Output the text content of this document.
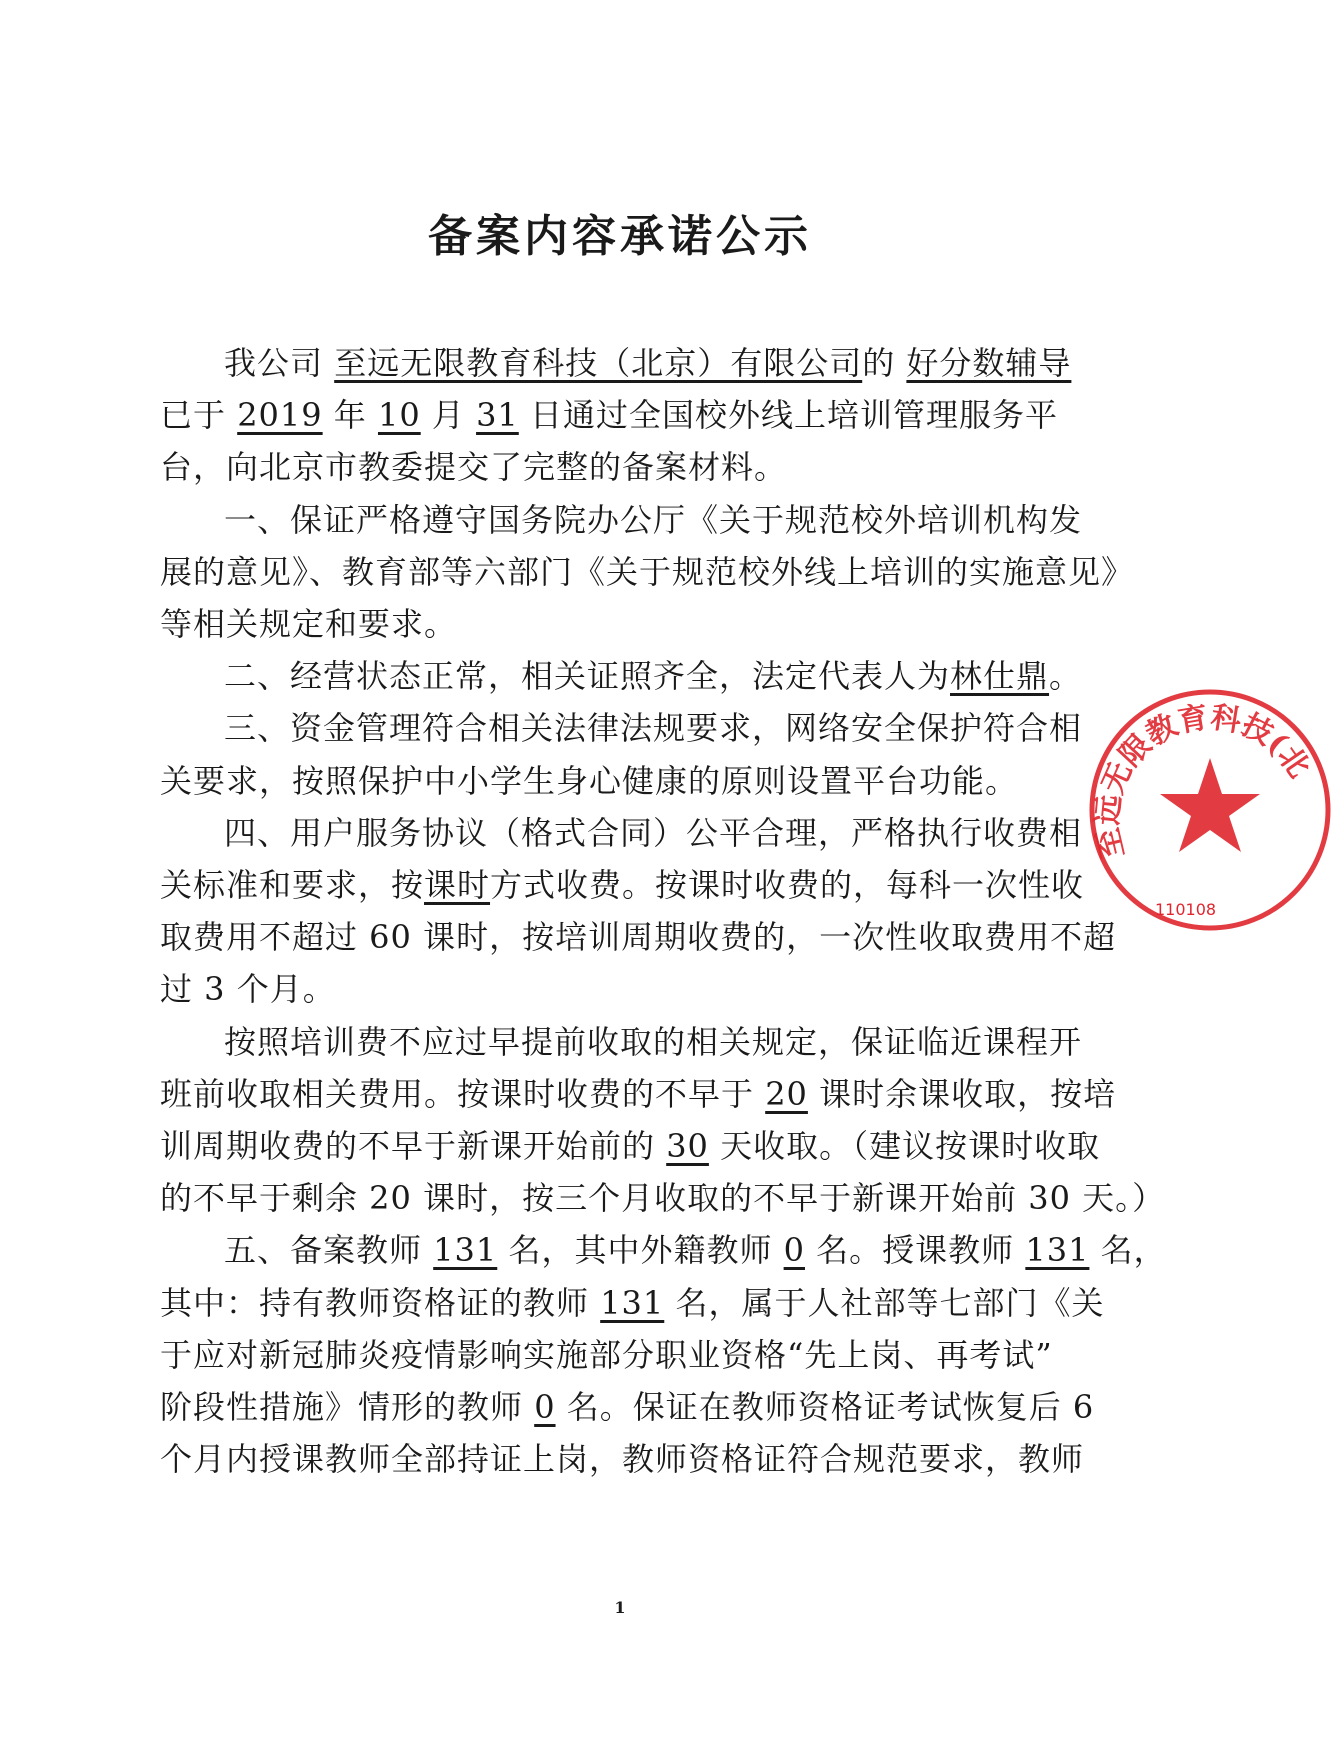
备案内容承诺公示
我公司 至远无限教育科技（北京）有限公司的 好分数辅导
已于 2019 年 10 月 31 日通过全国校外线上培训管理服务平
台，向北京市教委提交了完整的备案材料。
一、保证严格遵守国务院办公厅《关于规范校外培训机构发
展的意见》、教育部等六部门《关于规范校外线上培训的实施意见》
等相关规定和要求。
二、经营状态正常，相关证照齐全，法定代表人为林仕鼎。
三、资金管理符合相关法律法规要求，网络安全保护符合相
关要求，按照保护中小学生身心健康的原则设置平台功能。
四、用户服务协议（格式合同）公平合理，严格执行收费相
关标准和要求，按课时方式收费。按课时收费的，每科一次性收
取费用不超过 60 课时，按培训周期收费的，一次性收取费用不超
过 3 个月。
按照培训费不应过早提前收取的相关规定，保证临近课程开
班前收取相关费用。按课时收费的不早于 20 课时余课收取，按培
训周期收费的不早于新课开始前的 30 天收取。（建议按课时收取
的不早于剩余 20 课时，按三个月收取的不早于新课开始前 30 天。）
五、备案教师 131 名，其中外籍教师 0 名。授课教师 131 名，
其中：持有教师资格证的教师 131 名，属于人社部等七部门《关
于应对新冠肺炎疫情影响实施部分职业资格“先上岗、再考试”
阶段性措施》情形的教师 0 名。保证在教师资格证考试恢复后 6
个月内授课教师全部持证上岗，教师资格证符合规范要求，教师
1
至远无限教育科技(北
110108
